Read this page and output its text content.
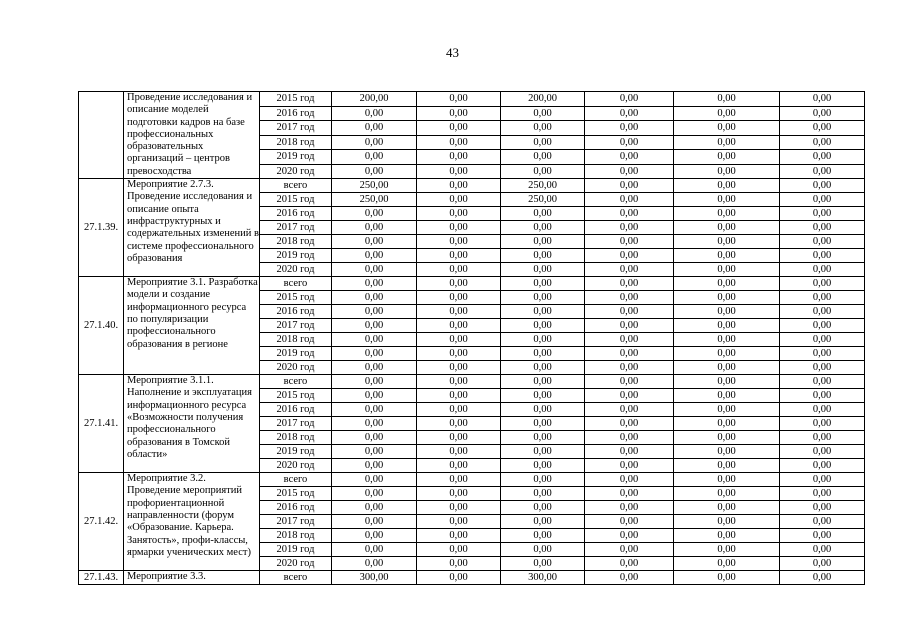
43
	Проведение исследования и описание моделей подготовки кадров на базе профессиональных образовательных организаций – центров превосходства	2015 год	200,00	0,00	200,00	0,00	0,00	0,00
		2016 год	0,00	0,00	0,00	0,00	0,00	0,00
		2017 год	0,00	0,00	0,00	0,00	0,00	0,00
		2018 год	0,00	0,00	0,00	0,00	0,00	0,00
		2019 год	0,00	0,00	0,00	0,00	0,00	0,00
		2020 год	0,00	0,00	0,00	0,00	0,00	0,00
27.1.39.	Мероприятие 2.7.3. Проведение исследования и описание опыта инфраструктурных и содержательных изменений в системе профессионального образования	всего	250,00	0,00	250,00	0,00	0,00	0,00
		2015 год	250,00	0,00	250,00	0,00	0,00	0,00
		2016 год	0,00	0,00	0,00	0,00	0,00	0,00
		2017 год	0,00	0,00	0,00	0,00	0,00	0,00
		2018 год	0,00	0,00	0,00	0,00	0,00	0,00
		2019 год	0,00	0,00	0,00	0,00	0,00	0,00
		2020 год	0,00	0,00	0,00	0,00	0,00	0,00
27.1.40.	Мероприятие 3.1. Разработка модели и создание информационного ресурса по популяризации профессионального образования в регионе	всего	0,00	0,00	0,00	0,00	0,00	0,00
		2015 год	0,00	0,00	0,00	0,00	0,00	0,00
		2016 год	0,00	0,00	0,00	0,00	0,00	0,00
		2017 год	0,00	0,00	0,00	0,00	0,00	0,00
		2018 год	0,00	0,00	0,00	0,00	0,00	0,00
		2019 год	0,00	0,00	0,00	0,00	0,00	0,00
		2020 год	0,00	0,00	0,00	0,00	0,00	0,00
27.1.41.	Мероприятие 3.1.1. Наполнение и эксплуатация информационного ресурса «Возможности получения профессионального образования в Томской области»	всего	0,00	0,00	0,00	0,00	0,00	0,00
		2015 год	0,00	0,00	0,00	0,00	0,00	0,00
		2016 год	0,00	0,00	0,00	0,00	0,00	0,00
		2017 год	0,00	0,00	0,00	0,00	0,00	0,00
		2018 год	0,00	0,00	0,00	0,00	0,00	0,00
		2019 год	0,00	0,00	0,00	0,00	0,00	0,00
		2020 год	0,00	0,00	0,00	0,00	0,00	0,00
27.1.42.	Мероприятие 3.2. Проведение мероприятий профориентационной направленности (форум «Образование. Карьера. Занятость», профи-классы, ярмарки ученических мест)	всего	0,00	0,00	0,00	0,00	0,00	0,00
		2015 год	0,00	0,00	0,00	0,00	0,00	0,00
		2016 год	0,00	0,00	0,00	0,00	0,00	0,00
		2017 год	0,00	0,00	0,00	0,00	0,00	0,00
		2018 год	0,00	0,00	0,00	0,00	0,00	0,00
		2019 год	0,00	0,00	0,00	0,00	0,00	0,00
		2020 год	0,00	0,00	0,00	0,00	0,00	0,00
27.1.43.	Мероприятие 3.3.	всего	300,00	0,00	300,00	0,00	0,00	0,00
